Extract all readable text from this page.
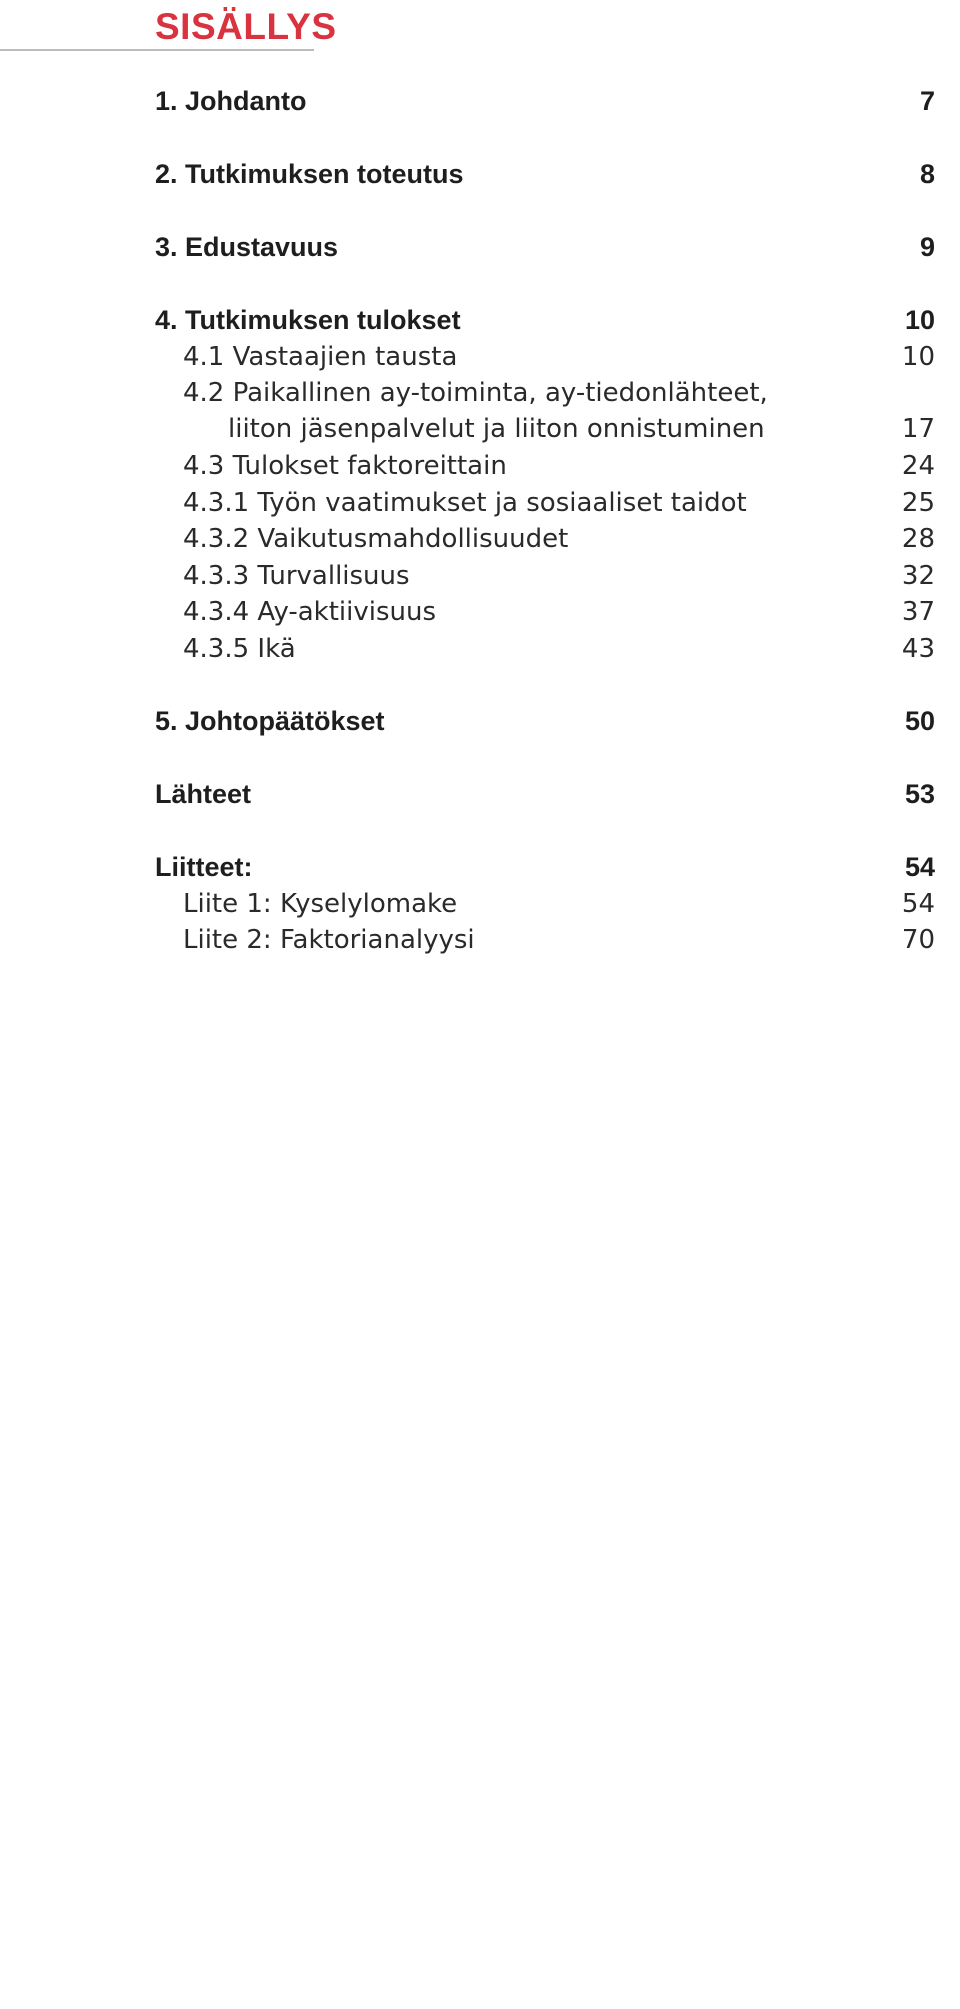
SISÄLLYS
1. Johdanto	7
2. Tutkimuksen toteutus	8
3. Edustavuus	9
4. Tutkimuksen tulokset	10
4.1 Vastaajien tausta	10
4.2 Paikallinen ay-toiminta, ay-tiedonlähteet,
liiton jäsenpalvelut ja liiton onnistuminen	17
4.3 Tulokset faktoreittain	24
4.3.1 Työn vaatimukset ja sosiaaliset taidot	25
4.3.2 Vaikutusmahdollisuudet	28
4.3.3 Turvallisuus	32
4.3.4 Ay-aktiivisuus	37
4.3.5 Ikä	43
5. Johtopäätökset	50
Lähteet	53
Liitteet:	54
Liite 1: Kyselylomake	54
Liite 2: Faktorianalyysi	70
